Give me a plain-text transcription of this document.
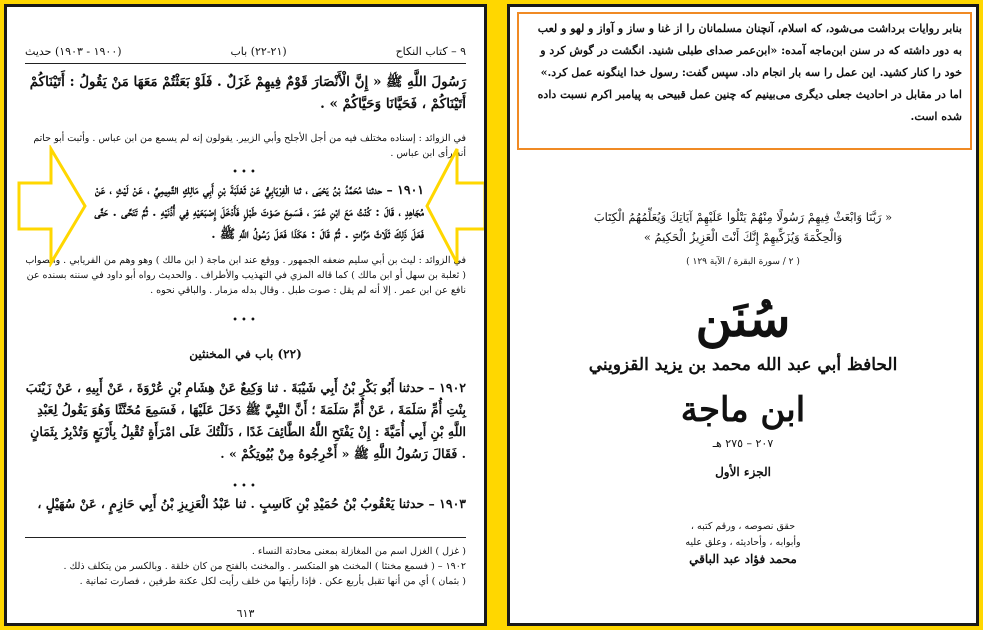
٩ – كتاب النكاح
(٢١-٢٢) باب
(١٩٠٠ - ١٩٠٣) حديث
رَسُولَ اللَّهِ ﷺ « إِنَّ الْأَنْصَارَ قَوْمٌ فِيهِمْ غَزَلٌ . فَلَوْ بَعَثْتُمْ مَعَهَا مَنْ يَقُولُ : أَتَيْنَاكُمْ أَتَيْنَاكُمْ ، فَحَيَّانَا وَحَيَّاكُمْ » .
في الزوائد : إسناده مختلف فيه من أجل الأجلح وأبي الزبير. يقولون إنه لم يسمع من ابن عباس . وأثبت أبو حاتم أنه رأى ابن عباس .
•••
١٩٠١ – حدثنا مُحَمَّدُ بْنُ يَحْيَى ، ثنا الْفِرْيَابِيُّ عَنْ ثَعْلَبَةَ بْنِ أَبِي مَالِكٍ التَّمِيمِيِّ ، عَنْ لَيْثٍ ، عَنْ مُجَاهِدٍ ، قَالَ : كُنْتُ مَعَ ابْنِ عُمَرَ ، فَسَمِعَ صَوْتَ طَبْلٍ فَأَدْخَلَ إِصْبَعَيْهِ فِي أُذُنَيْهِ . ثُمَّ تَنَحَّى . حَتَّى فَعَلَ ذَلِكَ ثَلَاثَ مَرَّاتٍ . ثُمَّ قَالَ : هَكَذَا فَعَلَ رَسُولُ اللَّهِ ﷺ .
في الزوائد : ليث بن أبي سليم ضعفه الجمهور . ووقع عند ابن ماجة ( ابن مالك ) وهو وهم من الفريابي . والصواب ( ثعلبة بن سهل أو ابن مالك ) كما قاله المزي في التهذيب والأطراف . والحديث رواه أبو داود في سننه بسنده عن نافع عن ابن عمر . إلا أنه لم يقل : صوت طبل . وقال بدله مزمار . والباقي نحوه .
•••
(٢٢) باب في المخنثين
١٩٠٢ – حدثنا أَبُو بَكْرِ بْنُ أَبِي شَيْبَةَ . ثنا وَكِيعٌ عَنْ هِشَامِ بْنِ عُرْوَةَ ، عَنْ أَبِيهِ ، عَنْ زَيْنَبَ بِنْتِ أُمِّ سَلَمَةَ ، عَنْ أُمِّ سَلَمَةَ ؛ أَنَّ النَّبِيَّ ﷺ دَخَلَ عَلَيْهَا ، فَسَمِعَ مُخَنَّثًا وَهُوَ يَقُولُ لِعَبْدِ اللَّهِ بْنِ أَبِي أُمَيَّةَ : إِنْ يَفْتَحِ اللَّهُ الطَّائِفَ غَدًا ، دَلَلْتُكَ عَلَى امْرَأَةٍ تُقْبِلُ بِأَرْبَعٍ وَتُدْبِرُ بِثَمَانٍ . فَقَالَ رَسُولُ اللَّهِ ﷺ « أَخْرِجُوهُ مِنْ بُيُوتِكُمْ » .
•••
١٩٠٣ – حدثنا يَعْقُوبُ بْنُ حُمَيْدِ بْنِ كَاسِبٍ . ثنا عَبْدُ الْعَزِيزِ بْنُ أَبِي حَازِمٍ ، عَنْ سُهَيْلٍ ،
( غزل ) الغزل اسم من المغازلة بمعنى محادثة النساء .
١٩٠٢ – ( فسمع مخنثا ) المخنث هو المتكسر . والمخنث بالفتح من كان خلقة . وبالكسر من يتكلف ذلك .
( بثمان ) أي من أنها تقبل بأربع عكن . فإذا رأيتها من خلف رأيت لكل عكنة طرفين ، فصارت ثمانية .
٦١٣
بنابر روایات برداشت می‌شود، که اسلام، آنچنان مسلمانان را از غنا و ساز و آواز و لهو و لعب به دور داشته که در سنن ابن‌ماجه آمده: «ابن‌عمر صدای طبلی شنید. انگشت در گوش کرد و خود را کنار کشید. این عمل را سه بار انجام داد. سپس گفت: رسول خدا اینگونه عمل کرد.» اما در مقابل در احادیث جعلی دیگری می‌بینیم که چنین عمل قبیحی به پیامبر اکرم نسبت داده شده است.
« رَبَّنَا وَابْعَثْ فِيهِمْ رَسُولًا مِنْهُمْ يَتْلُوا عَلَيْهِمْ آيَاتِكَ وَيُعَلِّمُهُمُ الْكِتَابَ وَالْحِكْمَةَ وَيُزَكِّيهِمْ إِنَّكَ أَنْتَ الْعَزِيزُ الْحَكِيمُ »
( ٢ / سورة البقرة / الآية ١٢٩ )
سُنَن
الحافظ أبي عبد الله محمد بن يزيد القزويني
ابن ماجة
٢٠٧ – ٢٧٥ هـ
الجزء الأول
حقق نصوصه ، ورقم كتبه ،
وأبوابه ، وأحاديثه ، وعلق عليه
محمد فؤاد عبد الباقي
